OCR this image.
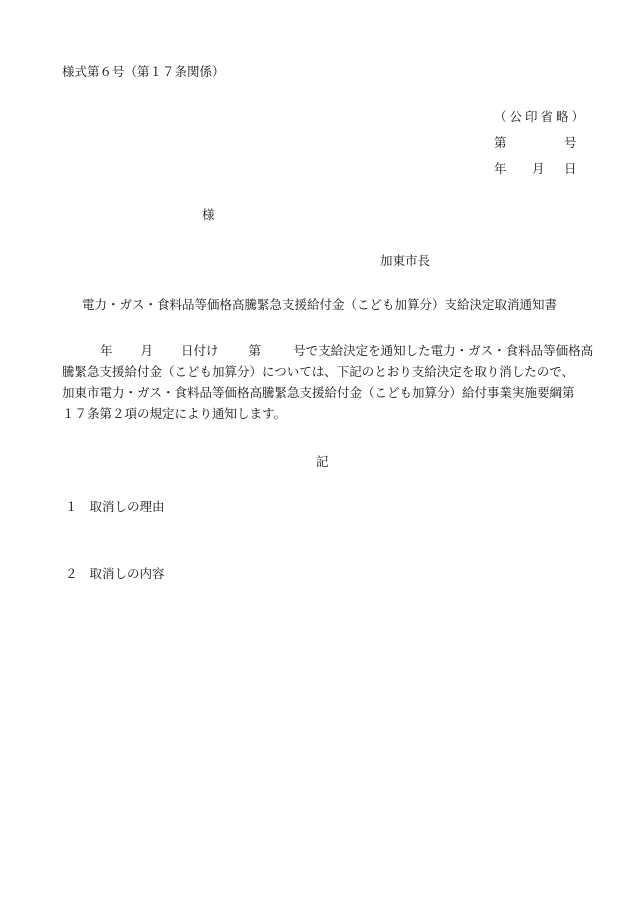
様式第６号（第１７条関係）
（公印省略）
第	号
年 月 日
様
加東市長
電力・ガス・食料品等価格高騰緊急支援給付金（こども加算分）支給決定取消通知書

年 月 日付け 第	号で支給決定を通知した電力・ガス・食料品等価格高

騰緊急支援給付金（こども加算分）については、下記のとおり支給決定を取り消したので、

加東市電力・ガス・食料品等価格高騰緊急支援給付金（こども加算分）給付事業実施要綱第

１７条第２項の規定により通知します。

記
１ 取消しの理由
２ 取消しの内容
